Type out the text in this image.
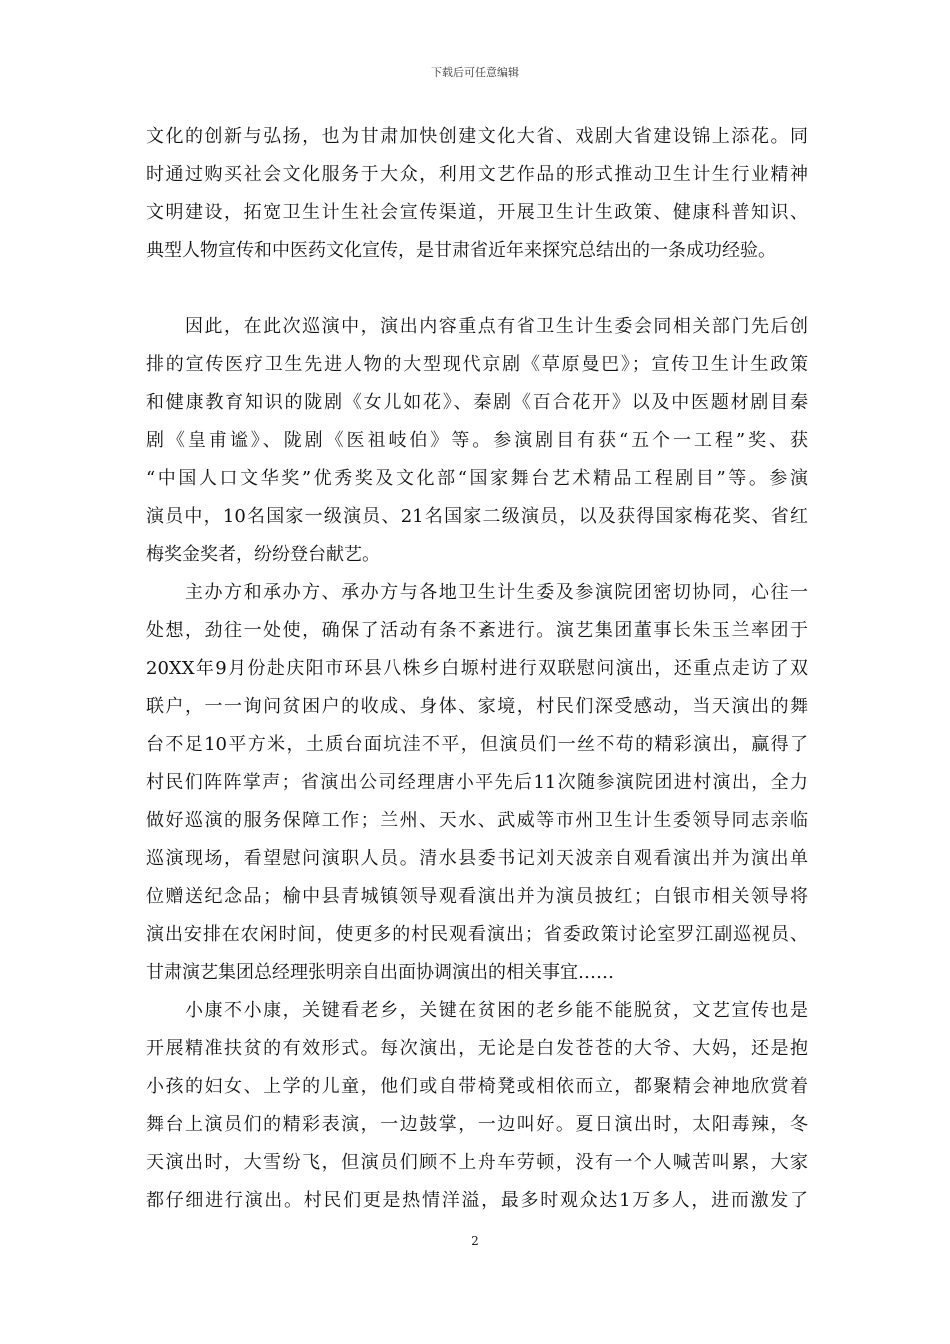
下载后可任意编辑
文化的创新与弘扬，也为甘肃加快创建文化大省、戏剧大省建设锦上添花。同
时通过购买社会文化服务于大众，利用文艺作品的形式推动卫生计生行业精神
文明建设，拓宽卫生计生社会宣传渠道，开展卫生计生政策、健康科普知识、
典型人物宣传和中医药文化宣传，是甘肃省近年来探究总结出的一条成功经验。
　　因此，在此次巡演中，演出内容重点有省卫生计生委会同相关部门先后创
排的宣传医疗卫生先进人物的大型现代京剧《草原曼巴》；宣传卫生计生政策
和健康教育知识的陇剧《女儿如花》、秦剧《百合花开》以及中医题材剧目秦
剧《皇甫谧》、陇剧《医祖岐伯》等。参演剧目有获“五个一工程”奖、获
“中国人口文华奖”优秀奖及文化部“国家舞台艺术精品工程剧目”等。参演
演员中，10名国家一级演员、21名国家二级演员，以及获得国家梅花奖、省红
梅奖金奖者，纷纷登台献艺。
　　主办方和承办方、承办方与各地卫生计生委及参演院团密切协同，心往一
处想，劲往一处使，确保了活动有条不紊进行。演艺集团董事长朱玉兰率团于
20XX年9月份赴庆阳市环县八株乡白塬村进行双联慰问演出，还重点走访了双
联户，一一询问贫困户的收成、身体、家境，村民们深受感动，当天演出的舞
台不足10平方米，土质台面坑洼不平，但演员们一丝不苟的精彩演出，赢得了
村民们阵阵掌声；省演出公司经理唐小平先后11次随参演院团进村演出，全力
做好巡演的服务保障工作；兰州、天水、武威等市州卫生计生委领导同志亲临
巡演现场，看望慰问演职人员。清水县委书记刘天波亲自观看演出并为演出单
位赠送纪念品；榆中县青城镇领导观看演出并为演员披红；白银市相关领导将
演出安排在农闲时间，使更多的村民观看演出；省委政策讨论室罗江副巡视员、
甘肃演艺集团总经理张明亲自出面协调演出的相关事宜……
　　小康不小康，关键看老乡，关键在贫困的老乡能不能脱贫，文艺宣传也是
开展精准扶贫的有效形式。每次演出，无论是白发苍苍的大爷、大妈，还是抱
小孩的妇女、上学的儿童，他们或自带椅凳或相依而立，都聚精会神地欣赏着
舞台上演员们的精彩表演，一边鼓掌，一边叫好。夏日演出时，太阳毒辣，冬
天演出时，大雪纷飞，但演员们顾不上舟车劳顿，没有一个人喊苦叫累，大家
都仔细进行演出。村民们更是热情洋溢，最多时观众达1万多人，进而激发了
2
